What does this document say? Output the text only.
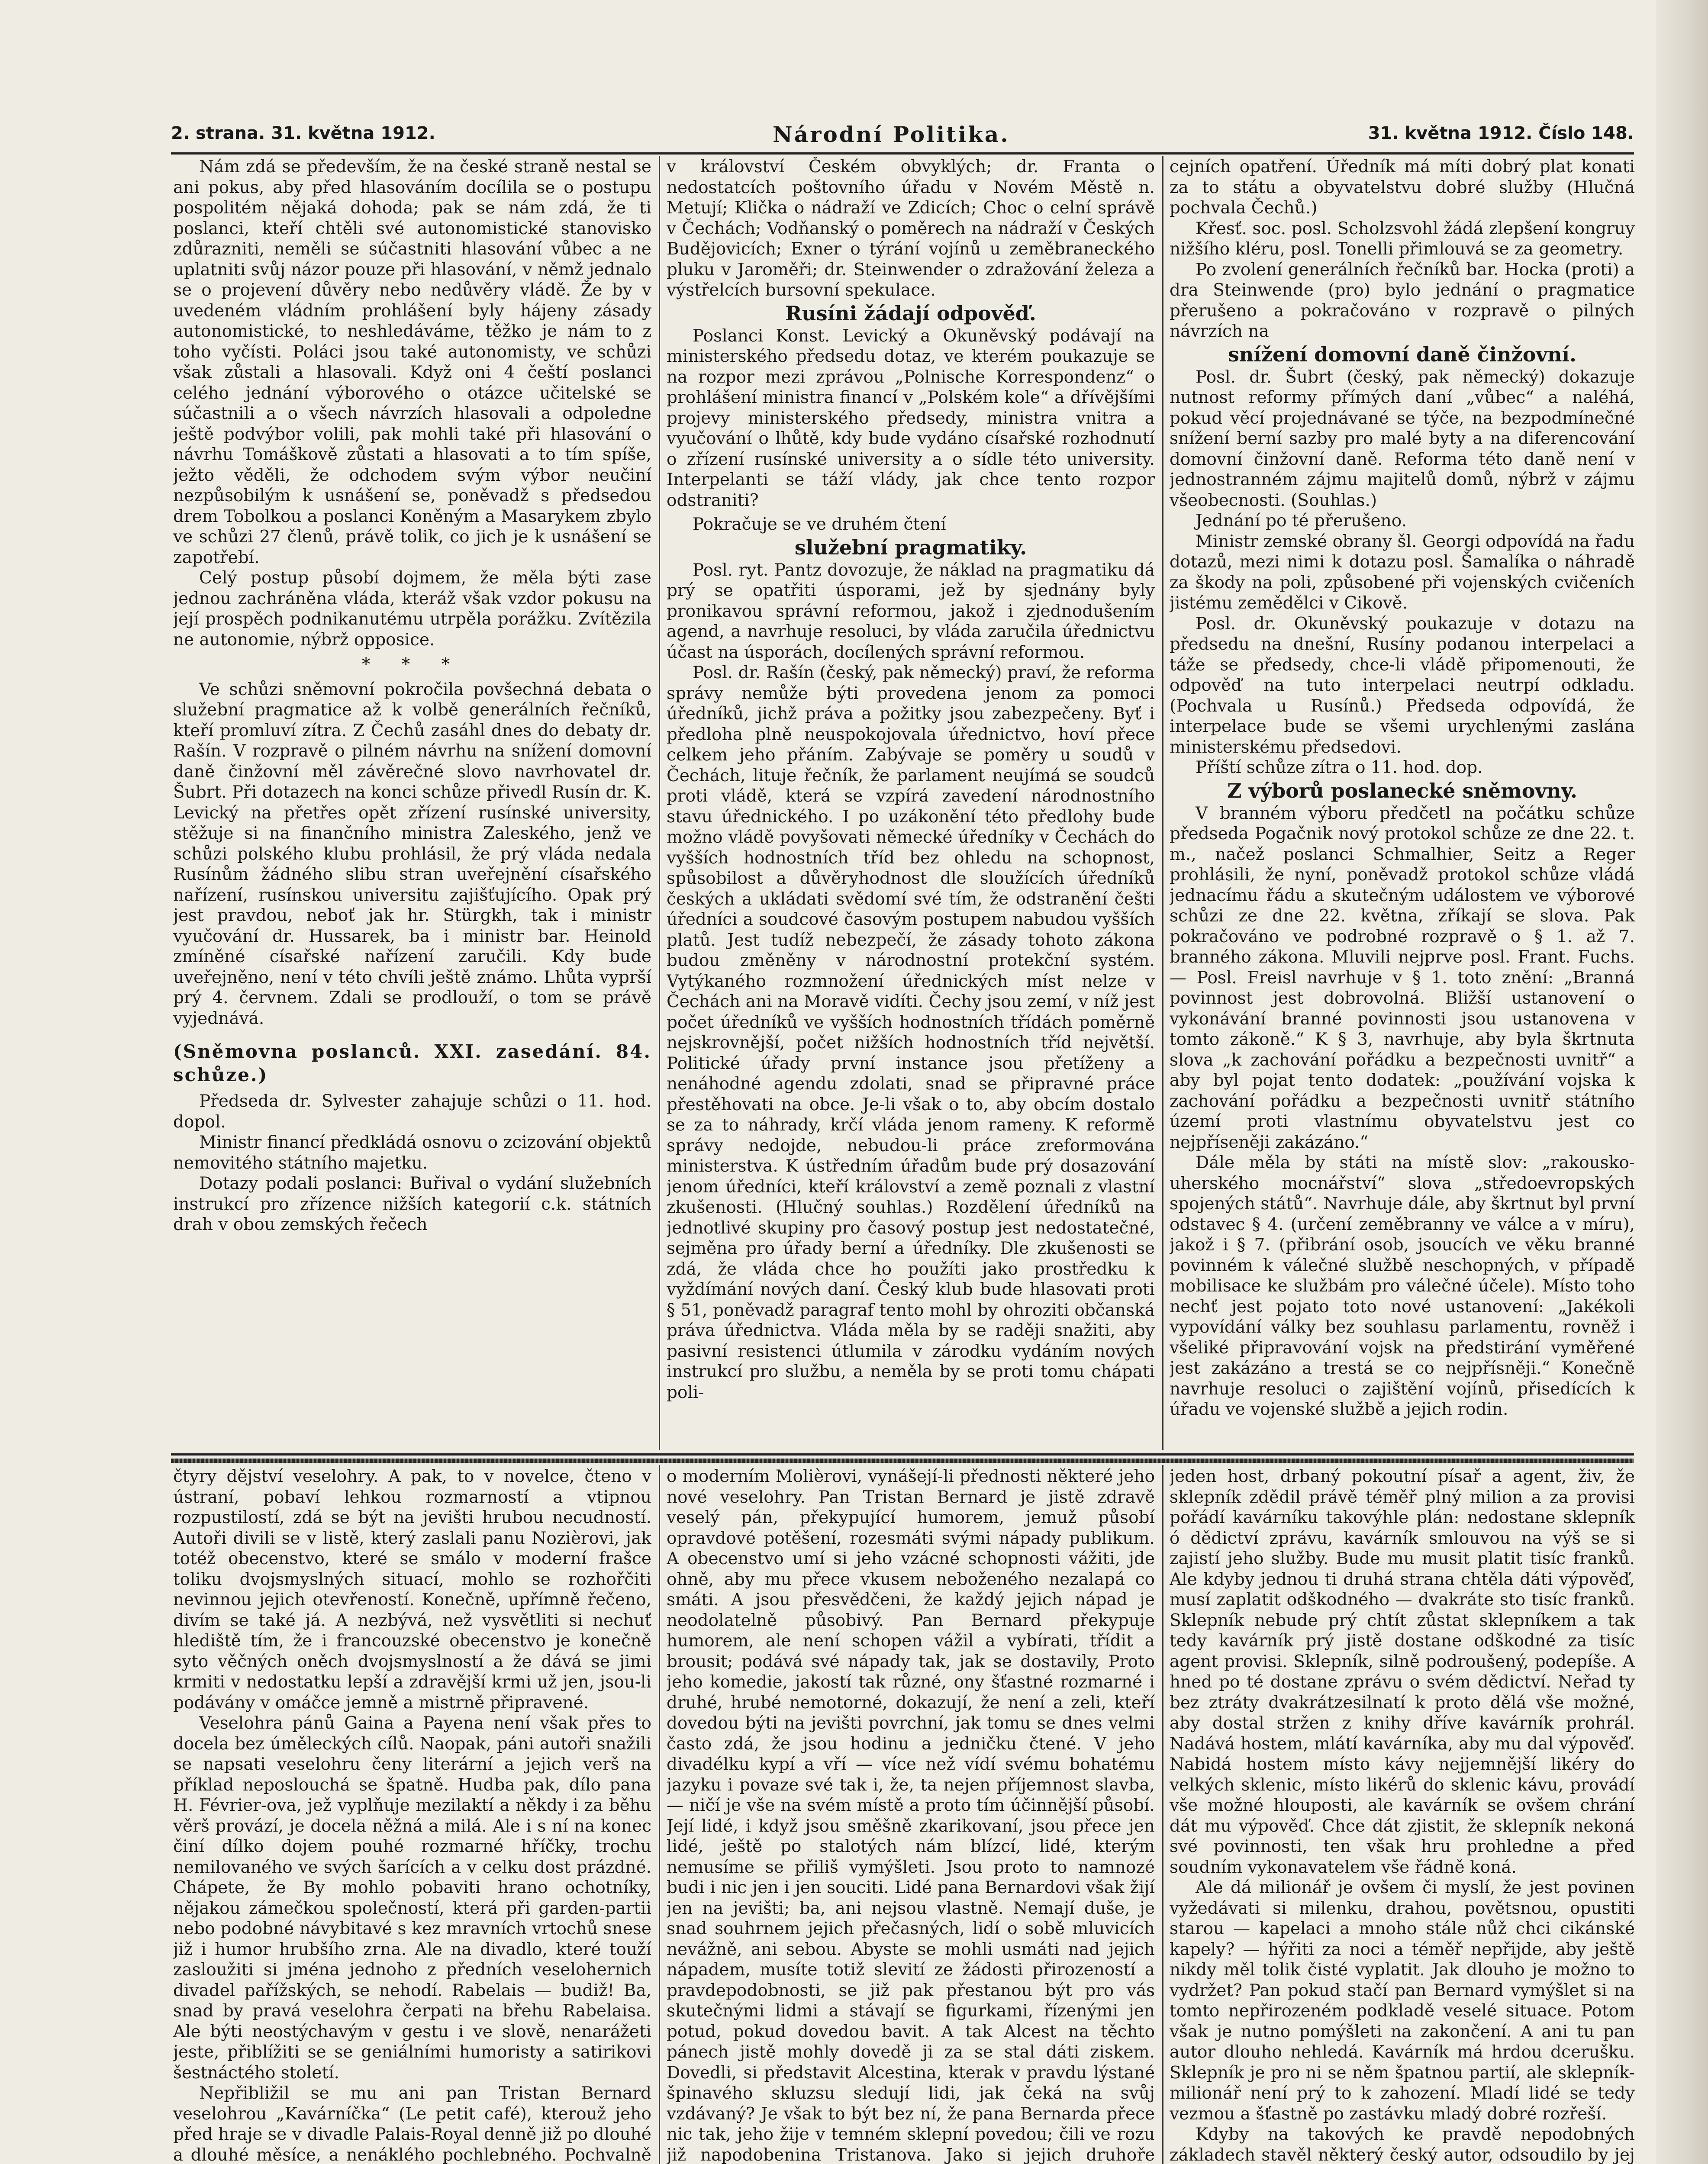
2. strana. 31. května 1912.	Národní Politika.	31. května 1912. Číslo 148.

Nám zdá se především, že na české straně nestal se ani pokus, aby před hlasováním docílila se o postupu pospolitém nějaká dohoda; pak se nám zdá, že ti poslanci, kteří chtěli své autonomistické stanovisko zdůrazniti, neměli se súčastniti hlasování vůbec a ne uplatniti svůj názor pouze při hlasování, v němž jednalo se o projevení důvěry nebo nedůvěry vládě. Že by v uvedeném vládním prohlášení byly hájeny zásady autonomistické, to neshledáváme, těžko je nám to z toho vyčísti. Poláci jsou také autonomisty, ve schůzi však zůstali a hlasovali. Když oni 4 čeští poslanci celého jednání výborového o otázce učitelské se súčastnili a o všech návrzích hlasovali a odpoledne ještě podvýbor volili, pak mohli také při hlasování o návrhu Tomáškově zůstati a hlasovati a to tím spíše, ježto věděli, že odchodem svým výbor neučiní nezpůsobilým k usnášení se, poněvadž s předsedou drem Tobolkou a poslanci Koněným a Masarykem zbylo ve schůzi 27 členů, právě tolik, co jich je k usnášení se zapotřebí.

Celý postup působí dojmem, že měla býti zase jednou zachráněna vláda, kteráž však vzdor pokusu na její prospěch podnikanutému utrpěla porážku. Zvítězila ne autonomie, nýbrž opposice.

* * *

Ve schůzi sněmovní pokročila povšechná debata o služební pragmatice až k volbě generálních řečníků, kteří promluví zítra. Z Čechů zasáhl dnes do debaty dr. Rašín. V rozpravě o pilném návrhu na snížení domovní daně činžovní měl závěrečné slovo navrhovatel dr. Šubrt. Při dotazech na konci schůze přivedl Rusín dr. K. Levický na přetřes opět zřízení rusínské university, stěžuje si na finančního ministra Zaleského, jenž ve schůzi polského klubu prohlásil, že prý vláda nedala Rusínům žádného slibu stran uveřejnění císařského nařízení, rusínskou universitu zajišťujícího. Opak prý jest pravdou, neboť jak hr. Stürgkh, tak i ministr vyučování dr. Hussarek, ba i ministr bar. Heinold zmíněné císařské nařízení zaručili. Kdy bude uveřejněno, není v této chvíli ještě známo. Lhůta vyprší prý 4. červnem. Zdali se prodlouží, o tom se právě vyjednává.

(Sněmovna poslanců. XXI. zasedání. 84. schůze.)

Předseda dr. Sylvester zahajuje schůzi o 11. hod. dopol.

Ministr financí předkládá osnovu o zcizování objektů nemovitého státního majetku.

Dotazy podali poslanci: Buřival o vydání služebních instrukcí pro zřízence nižších kategorií c.k. státních drah v obou zemských řečech

v království Českém obvyklých; dr. Franta o nedostatcích poštovního úřadu v Novém Městě n. Metují; Klička o nádraží ve Zdicích; Choc o celní správě v Čechách; Vodňanský o poměrech na nádraží v Českých Budějovicích; Exner o týrání vojínů u zeměbraneckého pluku v Jaroměři; dr. Steinwender o zdražování železa a výstřelcích bursovní spekulace.

Rusíni žádají odpověď.

Poslanci Konst. Levický a Okuněvský podávají na ministerského předsedu dotaz, ve kterém poukazuje se na rozpor mezi zprávou „Polnische Korrespondenz“ o prohlášení ministra financí v „Polském kole“ a dřívějšími projevy ministerského předsedy, ministra vnitra a vyučování o lhůtě, kdy bude vydáno císařské rozhodnutí o zřízení rusínské university a o sídle této university. Interpelanti se táží vlády, jak chce tento rozpor odstraniti?

Pokračuje se ve druhém čtení

služební pragmatiky.

Posl. ryt. Pantz dovozuje, že náklad na pragmatiku dá prý se opatřiti úsporami, jež by sjednány byly pronikavou správní reformou, jakož i zjednodušením agend, a navrhuje resoluci, by vláda zaručila úřednictvu účast na úsporách, docílených správní reformou.

Posl. dr. Rašín (český, pak německý) praví, že reforma správy nemůže býti provedena jenom za pomoci úředníků, jichž práva a požitky jsou zabezpečeny. Byť i předloha plně neuspokojovala úřednictvo, hoví přece celkem jeho přáním. Zabývaje se poměry u soudů v Čechách, lituje řečník, že parlament neujímá se soudců proti vládě, která se vzpírá zavedení národnostního stavu úřednického. I po uzákonění této předlohy bude možno vládě povyšovati německé úředníky v Čechách do vyšších hodnostních tříd bez ohledu na schopnost, spůsobilost a důvěryhodnost dle sloužících úředníků českých a ukládati svědomí své tím, že odstranění češti úředníci a soudcové časovým postupem nabudou vyšších platů. Jest tudíž nebezpečí, že zásady tohoto zákona budou změněny v národnostní protekční systém. Vytýkaného rozmnožení úřednických míst nelze v Čechách ani na Moravě vidíti. Čechy jsou zemí, v níž jest počet úředníků ve vyšších hodnostních třídách poměrně nejskrovnější, počet nižších hodnostních tříd největší. Politické úřady první instance jsou přetíženy a nenáhodné agendu zdolati, snad se připravné práce přestěhovati na obce. Je-li však o to, aby obcím dostalo se za to náhrady, krčí vláda jenom rameny. K reformě správy nedojde, nebudou-li práce zreformována ministerstva. K ústředním úřadům bude prý dosazování jenom úředníci, kteří království a země poznali z vlastní zkušenosti. (Hlučný souhlas.) Rozdělení úředníků na jednotlivé skupiny pro časový postup jest nedostatečné, sejměna pro úřady berní a úředníky. Dle zkušenosti se zdá, že vláda chce ho použíti jako prostředku k vyždímání nových daní. Český klub bude hlasovati proti § 51, poněvadž paragraf tento mohl by ohroziti občanská práva úřednictva. Vláda měla by se raději snažiti, aby pasivní resistenci útlumila v zárodku vydáním nových instrukcí pro službu, a neměla by se proti tomu chápati poli-

cejních opatření. Úředník má míti dobrý plat konati za to státu a obyvatelstvu dobré služby (Hlučná pochvala Čechů.)

Křesť. soc. posl. Scholzsvohl žádá zlepšení kongruy nižšího kléru, posl. Tonelli přimlouvá se za geometry.

Po zvolení generálních řečníků bar. Hocka (proti) a dra Steinwende (pro) bylo jednání o pragmatice přerušeno a pokračováno v rozpravě o pilných návrzích na

snížení domovní daně činžovní.

Posl. dr. Šubrt (český, pak německý) dokazuje nutnost reformy přímých daní „vůbec“ a naléhá, pokud věcí projednávané se týče, na bezpodmínečné snížení berní sazby pro malé byty a na diferencování domovní činžovní daně. Reforma této daně není v jednostranném zájmu majitelů domů, nýbrž v zájmu všeobecnosti. (Souhlas.)

Jednání po té přerušeno.

Ministr zemské obrany šl. Georgi odpovídá na řadu dotazů, mezi nimi k dotazu posl. Šamalíka o náhradě za škody na poli, způsobené při vojenských cvičeních jistému zemědělci v Cikově.

Posl. dr. Okuněvský poukazuje v dotazu na předsedu na dnešní, Rusíny podanou interpelaci a táže se předsedy, chce-li vládě připomenouti, že odpověď na tuto interpelaci neutrpí odkladu. (Pochvala u Rusínů.) Předseda odpovídá, že interpelace bude se všemi urychlenými zaslána ministerskému předsedovi.

Příští schůze zítra o 11. hod. dop.

Z výborů poslanecké sněmovny.

V branném výboru předčetl na počátku schůze předseda Pogačnik nový protokol schůze ze dne 22. t. m., načež poslanci Schmalhier, Seitz a Reger prohlásili, že nyní, poněvadž protokol schůze vládá jednacímu řádu a skutečným událostem ve výborové schůzi ze dne 22. května, zříkají se slova. Pak pokračováno ve podrobné rozpravě o § 1. až 7. branného zákona. Mluvili nejprve posl. Frant. Fuchs. — Posl. Freisl navrhuje v § 1. toto znění: „Branná povinnost jest dobrovolná. Bližší ustanovení o vykonávání branné povinnosti jsou ustanovena v tomto zákoně.“ K § 3, navrhuje, aby byla škrtnuta slova „k zachování pořádku a bezpečnosti uvnitř“ a aby byl pojat tento dodatek: „používání vojska k zachování pořádku a bezpečnosti uvnitř státního území proti vlastnímu obyvatelstvu jest co nejpříseněji zakázáno.“

Dále měla by státi na místě slov: „rakousko-uherského mocnářství“ slova „středoevropských spojených států“. Navrhuje dále, aby škrtnut byl první odstavec § 4. (určení zeměbranny ve válce a v míru), jakož i § 7. (přibrání osob, jsoucích ve věku branné povinném k válečné službě neschopných, v případě mobilisace ke službám pro válečné účele). Místo toho nechť jest pojato toto nové ustanovení: „Jakékoli vypovídání války bez souhlasu parlamentu, rovněž i všeliké připravování vojsk na předstirání vyměřené jest zakázáno a trestá se co nejpřísněji.“ Konečně navrhuje resoluci o zajištění vojínů, přisedících k úřadu ve vojenské službě a jejich rodin.

čtyry dějství veselohry. A pak, to v novelce, čteno v ústraní, pobaví lehkou rozmarností a vtipnou rozpustilostí, zdá se být na jevišti hrubou necudností. Autoři divili se v listě, který zaslali panu Nozièrovi, jak totéž obecenstvo, které se smálo v moderní frašce toliku dvojsmyslných situací, mohlo se rozhořčiti nevinnou jejich otevřeností. Konečně, upřímně řečeno, divím se také já. A nezbývá, než vysvětliti si nechuť hlediště tím, že i francouzské obecenstvo je konečně syto věčných oněch dvojsmyslností a že dává se jimi krmiti v nedostatku lepší a zdravější krmi už jen, jsou-li podávány v omáčce jemně a mistrně připravené.

Veselohra pánů Gaina a Payena není však přes to docela bez úmělecký́ch cílů. Naopak, páni autoři snažili se napsati veselohru čeny literární a jejich verš na příklad neposlouchá se špatně. Hudba pak, dílo pana H. Février-ova, jež vyplňuje mezilaktí a někdy i za běhu věrš provází, je docela něžná a milá. Ale i s ní na konec činí dílko dojem pouhé rozmarné hříčky, trochu nemilovaného ve svých šarících a v celku dost prázdné. Chápete, že By mohlo pobaviti hrano ochotníky, nějakou zámečkou společností, která při garden-partii nebo podobné návybitavé s kez mravních vrtochů snese již i humor hrubšího zrna. Ale na divadlo, které touží zasloužiti si jména jednoho z předních veselohernich divadel pařížských, se nehodí. Rabelais — budiž! Ba, snad by pravá veselohra čerpati na břehu Rabelaisa. Ale býti neostýchavým v gestu i ve slově, nenarážeti jeste, přiblížiti se se geniálními humoristy a satirikovi šestnáctého století.

Nepřibližil se mu ani pan Tristan Bernard veselohrou „Kavárníčka“ (Le petit café), kterouž jeho před hraje se v divadle Palais-Royal denně již po dlouhé a dlouhé měsíce, a nenáklého pochlebného. Pochvalně

o moderním Molièrovi, vynášejí-li přednosti některé jeho nové veselohry. Pan Tristan Bernard je jistě zdravě veselý pán, překypující humorem, jemuž působí opravdové potěšení, rozesmáti svými nápady publikum. A obecenstvo umí si jeho vzácné schopnosti vážiti, jde ohně, aby mu přece vkusem neboženého nezalapá co smáti. A jsou přesvědčeni, že každý jejich nápad je neodolatelně působivý. Pan Bernard překypuje humorem, ale není schopen vážil a vybírati, třídit a brousit; podává své nápady tak, jak se dostavily, Proto jeho komedie, jakostí tak různé, ony šťastné rozmarné i druhé, hrubé nemotorné, dokazují, že není a zeli, kteří dovedou býti na jevišti povrchní, jak tomu se dnes velmi často zdá, že jsou hodinu a jedničku čtené. V jeho divadélku kypí a vří — více než vídí svému bohatému jazyku i povaze své tak i, že, ta nejen příjemnost slavba, — ničí je vše na svém místě a proto tím účinnější působí. Její lidé, i když jsou směšně zkarikovaní, jsou přece jen lidé, ještě po stalotých nám blízcí, lidé, kterým nemusíme se přiliš vymýšleti. Jsou proto to namnozé budi i nic jen i jen souciti. Lidé pana Bernardovi však žijí jen na jevišti; ba, ani nejsou vlastně. Nemají duše, je snad souhrnem jejich přečasných, lidí o sobě mluvicích nevážně, ani sebou. Abyste se mohli usmáti nad jejich nápadem, musíte totiž slevití ze žádosti přirozeností a pravdepodobnosti, se již pak přestanou být pro vás skutečnými lidmi a stávají se figurkami, řízenými jen potud, pokud dovedou bavit. A tak Alcest na těchto pánech jistě mohly dovedě ji za se stal dáti ziskem. Dovedli, si představit Alcestina, kterak v pravdu lýstané špinavého skluzsu sledují lidi, jak čeká na svůj vzdávaný? Je však to být bez ní, že pana Bernarda přece nic tak, jeho žije v temném sklepní povedou; čili ve rozu již napodobenina Tristanova. Jako si jejich druhoře

jeden host, drbaný pokoutní písař a agent, živ, že sklepník zdědil právě téměř plný milion a za provisi pořádí kavárníku takovýhle plán: nedostane sklepník ó dědictví zprávu, kavárník smlouvou na výš se si zajistí jeho služby. Bude mu musit platit tisíc franků. Ale kdyby jednou ti druhá strana chtěla dáti výpověď, musí zaplatit odškodného — dvakráte sto tisíc franků. Sklepník nebude prý chtít zůstat sklepníkem a tak tedy kavárník prý jistě dostane odškodné za tisíc agent provisi. Sklepník, silně podroušený, podepíše. A hned po té dostane zprávu o svém dědictví. Neřad ty bez ztráty dvakrátzesilnatí k proto dělá vše možné, aby dostal stržen z knihy dříve kavárník prohrál. Nadává hostem, mlátí kavárníka, aby mu dal výpověď. Nabidá hostem místo kávy nejjemnější likéry do velkých sklenic, místo likérů do sklenic kávu, provádí vše možné hlouposti, ale kavárník se ovšem chrání dát mu výpověď. Chce dát zjistit, že sklepník nekoná své povinnosti, ten však hru prohledne a před soudním vykonavatelem vše řádně koná.

Ale dá milionář je ovšem či myslí, že jest povinen vyžedávati si milenku, drahou, povětsnou, opustiti starou — kapelaci a mnoho stále nůž chci cikánské kapely? — hýřiti za noci a téměř nepřijde, aby ještě nikdy měl tolik čisté vyplatit. Jak dlouho je možno to vydržet? Pan pokud stačí pan Bernard vymýšlet si na tomto nepřirozeném podkladě veselé situace. Potom však je nutno pomýšleti na zakončení. A ani tu pan autor dlouho nehledá. Kavárník má hrdou dcerušku. Sklepník je pro ni se něm špatnou partií, ale sklepník-milionář není prý to k zahození. Mladí lidé se tedy vezmou a šťastně po zastávku mladý dobré rozřeší.

Kdyby na takových ke pravdě nepodobných základech stavěl některý český autor, odsoudilo by jej
